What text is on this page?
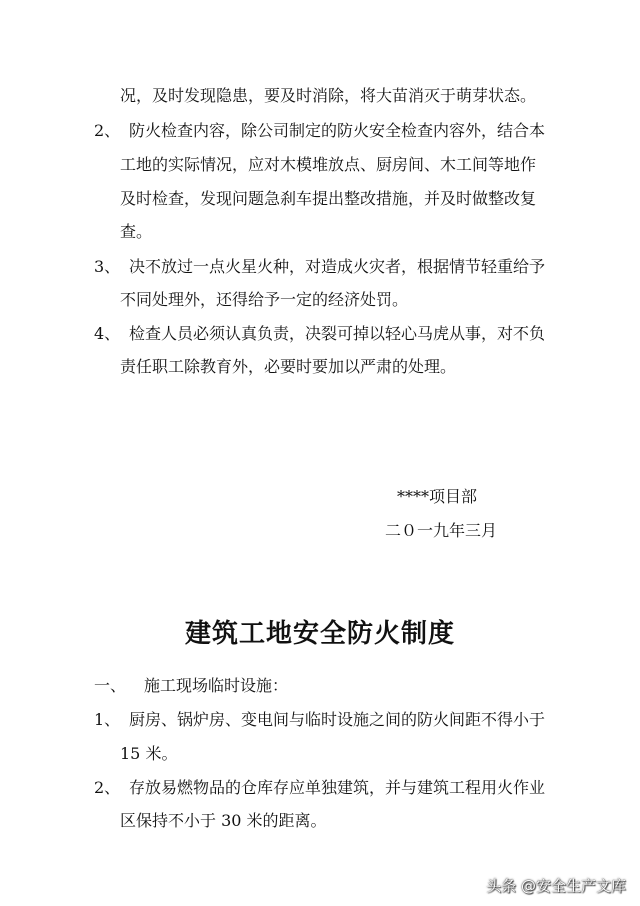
况，及时发现隐患，要及时消除，将大苗消灭于萌芽状态。
2、 防火检查内容，除公司制定的防火安全检查内容外，结合本
工地的实际情况，应对木模堆放点、厨房间、木工间等地作
及时检查，发现问题急刹车提出整改措施，并及时做整改复
查。
3、 决不放过一点火星火种，对造成火灾者，根据情节轻重给予
不同处理外，还得给予一定的经济处罚。
4、 检查人员必须认真负责，决裂可掉以轻心马虎从事，对不负
责任职工除教育外，必要时要加以严肃的处理。
****项目部
二０一九年三月
建筑工地安全防火制度
一、 施工现场临时设施：
1、 厨房、锅炉房、变电间与临时设施之间的防火间距不得小于
15 米。
2、 存放易燃物品的仓库存应单独建筑，并与建筑工程用火作业
区保持不小于 30 米的距离。
头条 @安全生产文库
